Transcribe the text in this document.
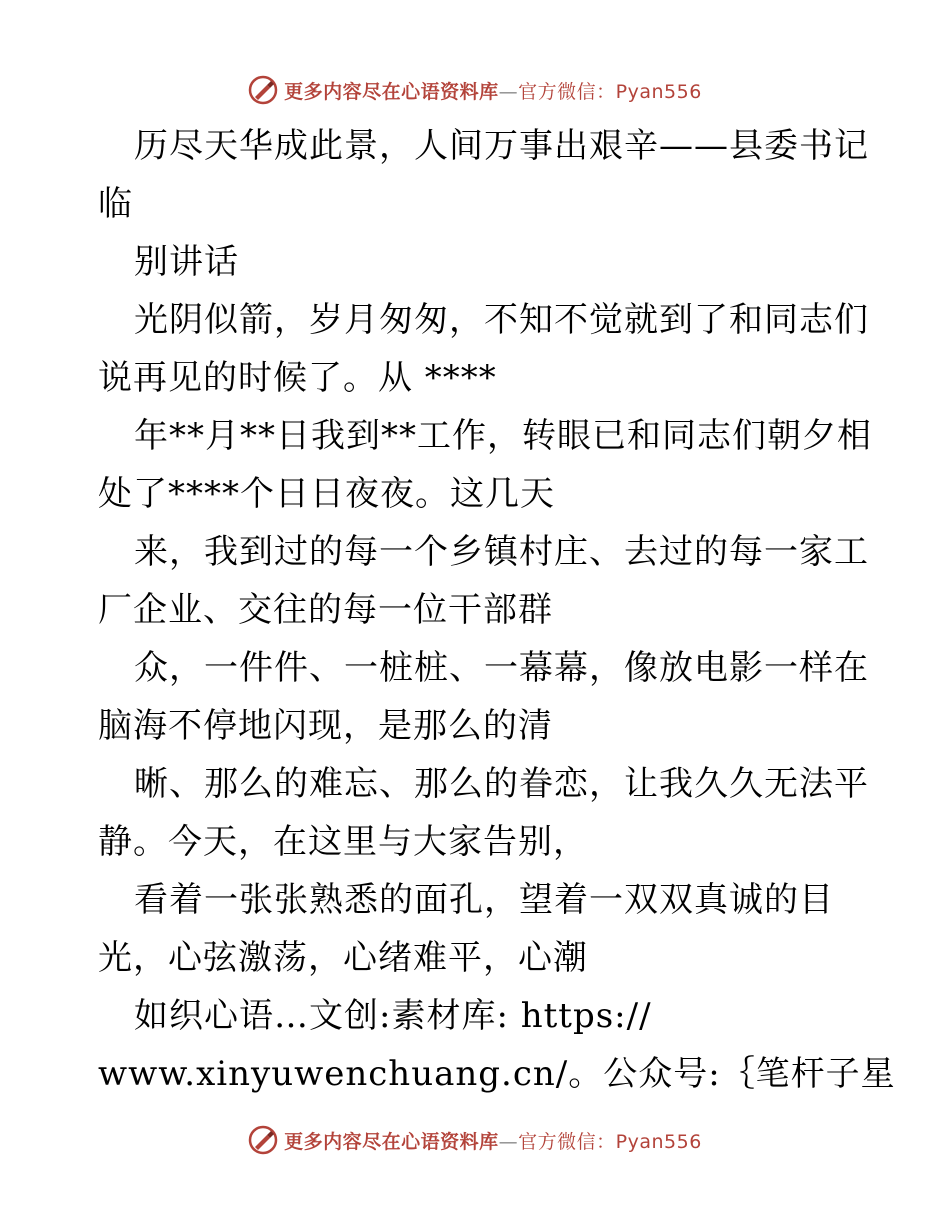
更多内容尽在心语资料库—官方微信：Pyan556
历尽天华成此景，人间万事出艰辛——县委书记
临
别讲话
光阴似箭，岁月匆匆，不知不觉就到了和同志们
说再见的时候了。从 ****
年**月**日我到**工作，转眼已和同志们朝夕相
处了****个日日夜夜。这几天
来，我到过的每一个乡镇村庄、去过的每一家工
厂企业、交往的每一位干部群
众，一件件、一桩桩、一幕幕，像放电影一样在
脑海不停地闪现，是那么的清
晰、那么的难忘、那么的眷恋，让我久久无法平
静。今天，在这里与大家告别，
看着一张张熟悉的面孔，望着一双双真诚的目
光，心弦激荡，心绪难平，心潮
如织心语…文创:素材库: https://
www.xinyuwenchuang.cn/。公众号:｛笔杆子星
更多内容尽在心语资料库—官方微信：Pyan556
